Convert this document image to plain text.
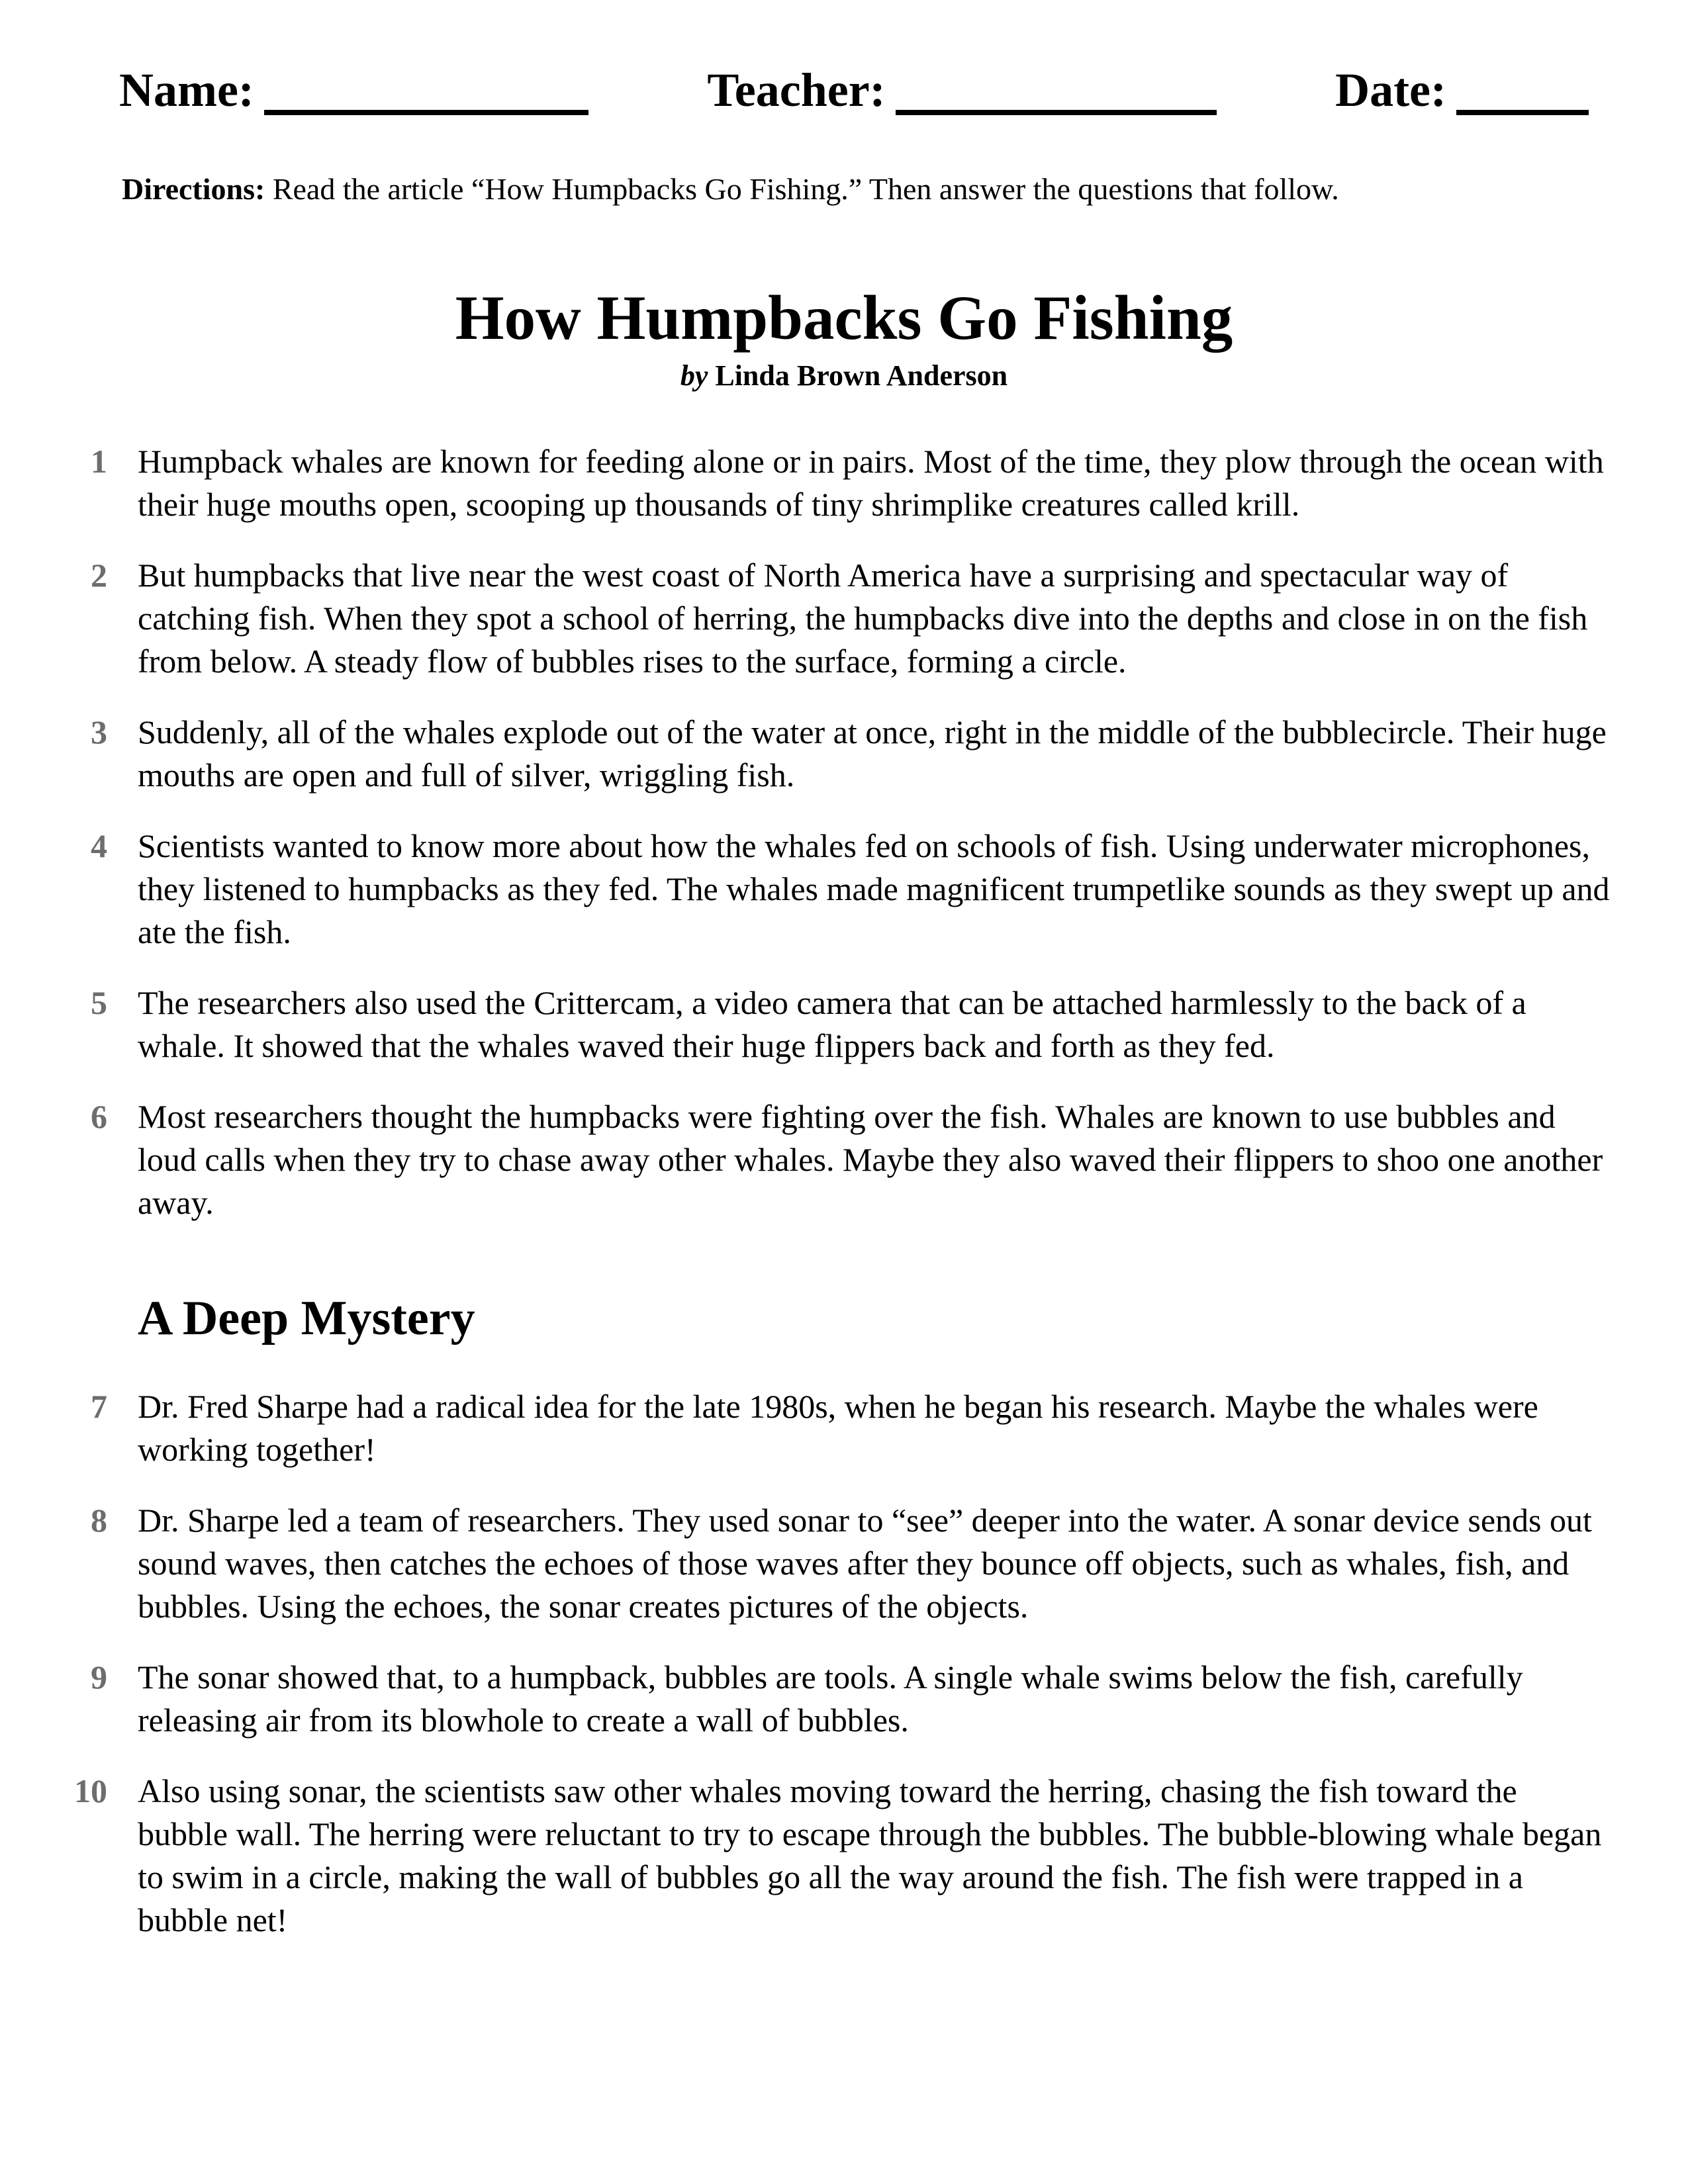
Name:	Teacher:	Date:

Directions: Read the article “How Humpbacks Go Fishing.” Then answer the questions that follow.

How Humpbacks Go Fishing
by Linda Brown Anderson
1 Humpback whales are known for feeding alone or in pairs. Most of the time, they plow through the ocean with their huge mouths open, scooping up thousands of tiny shrimplike creatures called krill.
2 But humpbacks that live near the west coast of North America have a surprising and spectacular way of catching fish. When they spot a school of herring, the humpbacks dive into the depths and close in on the fish from below. A steady flow of bubbles rises to the surface, forming a circle.
3 Suddenly, all of the whales explode out of the water at once, right in the middle of the bubblecircle. Their huge mouths are open and full of silver, wriggling fish.
4 Scientists wanted to know more about how the whales fed on schools of fish. Using underwater microphones, they listened to humpbacks as they fed. The whales made magnificent trumpetlike sounds as they swept up and ate the fish.
5 The researchers also used the Crittercam, a video camera that can be attached harmlessly to the back of a whale. It showed that the whales waved their huge flippers back and forth as they fed.
6 Most researchers thought the humpbacks were fighting over the fish. Whales are known to use bubbles and loud calls when they try to chase away other whales. Maybe they also waved their flippers to shoo one another away.
A Deep Mystery
7 Dr. Fred Sharpe had a radical idea for the late 1980s, when he began his research. Maybe the whales were working together!
8 Dr. Sharpe led a team of researchers. They used sonar to “see” deeper into the water. A sonar device sends out sound waves, then catches the echoes of those waves after they bounce off objects, such as whales, fish, and bubbles. Using the echoes, the sonar creates pictures of the objects.
9 The sonar showed that, to a humpback, bubbles are tools. A single whale swims below the fish, carefully releasing air from its blowhole to create a wall of bubbles.
10 Also using sonar, the scientists saw other whales moving toward the herring, chasing the fish toward the bubble wall. The herring were reluctant to try to escape through the bubbles. The bubble-blowing whale began to swim in a circle, making the wall of bubbles go all the way around the fish. The fish were trapped in a bubble net!
